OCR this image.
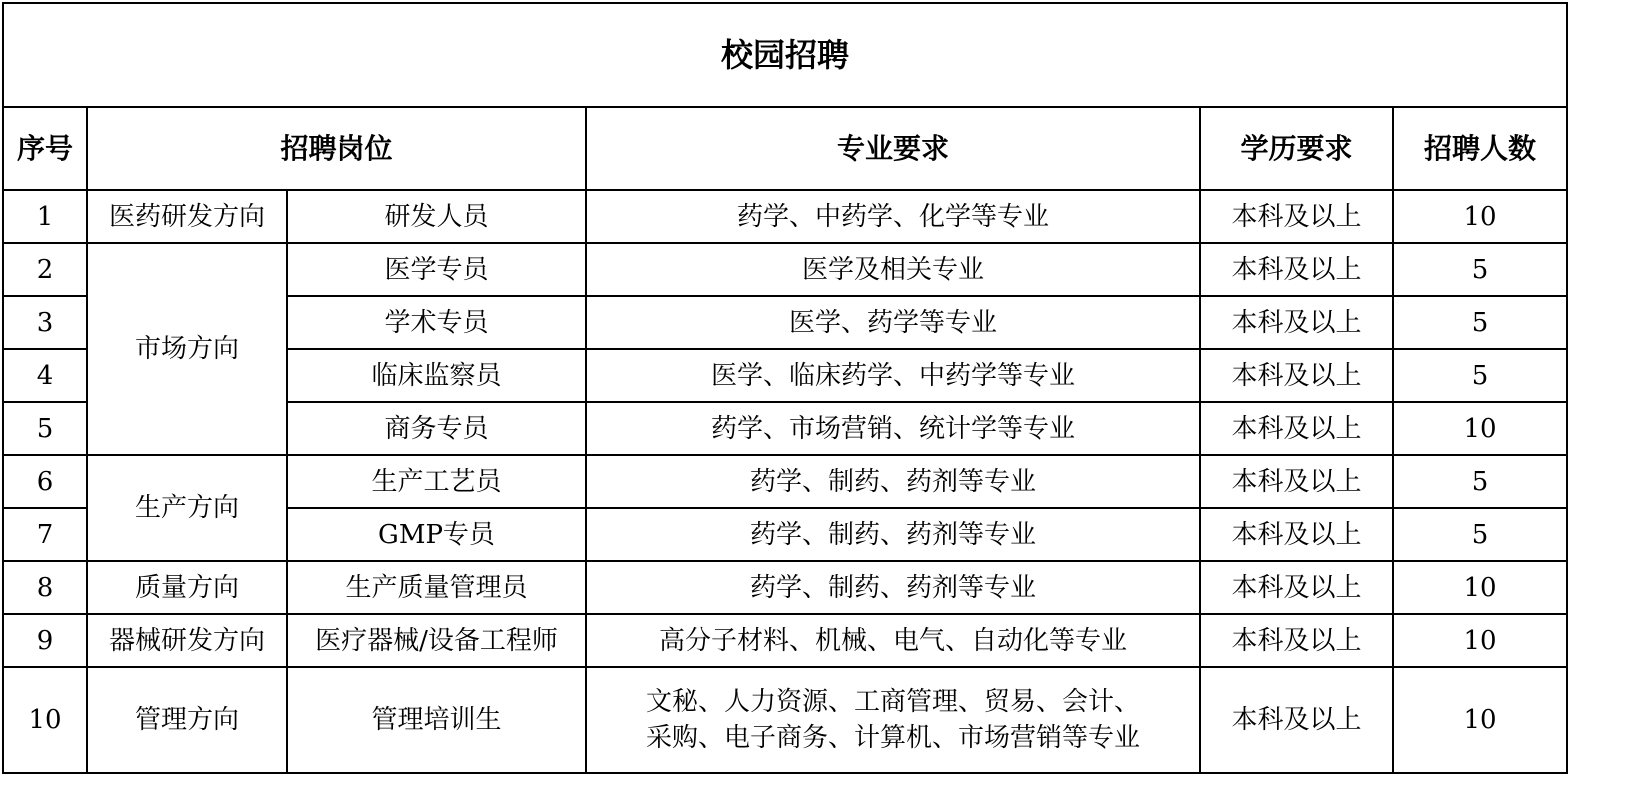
校园招聘					
序号	招聘岗位		专业要求	学历要求	招聘人数
1	医药研发方向	研发人员	药学、中药学、化学等专业	本科及以上	10
2	市场方向	医学专员	医学及相关专业	本科及以上	5
3		学术专员	医学、药学等专业	本科及以上	5
4		临床监察员	医学、临床药学、中药学等专业	本科及以上	5
5		商务专员	药学、市场营销、统计学等专业	本科及以上	10
6	生产方向	生产工艺员	药学、制药、药剂等专业	本科及以上	5
7		GMP专员	药学、制药、药剂等专业	本科及以上	5
8	质量方向	生产质量管理员	药学、制药、药剂等专业	本科及以上	10
9	器械研发方向	医疗器械/设备工程师	高分子材料、机械、电气、自动化等专业	本科及以上	10
10	管理方向	管理培训生	文秘、人力资源、工商管理、贸易、会计、
采购、电子商务、计算机、市场营销等专业	本科及以上	10
